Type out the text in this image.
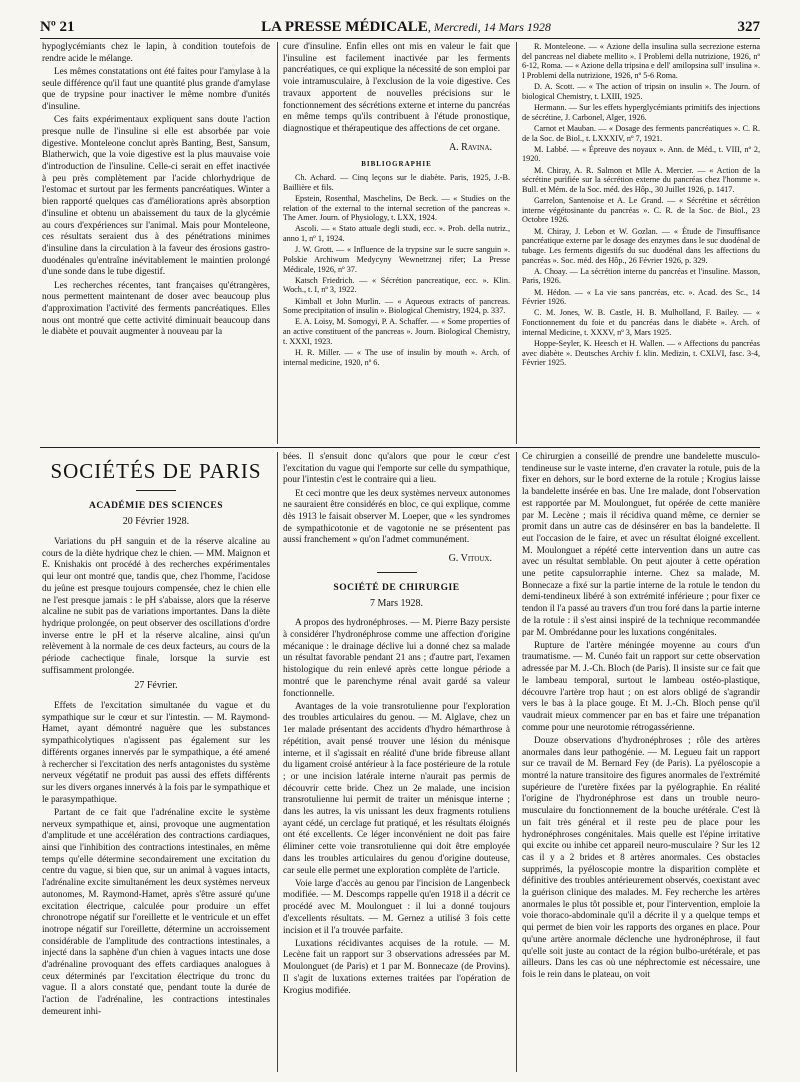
Nº 21	LA PRESSE MÉDICALE, Mercredi, 14 Mars 1928	327

hypoglycémiants chez le lapin, à condition toutefois de rendre acide le mélange.

Les mêmes constatations ont été faites pour l'amylase à la seule différence qu'il faut une quantité plus grande d'amylase que de trypsine pour inactiver le même nombre d'unités d'insuline.

Ces faits expérimentaux expliquent sans doute l'action presque nulle de l'insuline si elle est absorbée par voie digestive. Monteleone conclut après Banting, Best, Sansum, Blatherwich, que la voie digestive est la plus mauvaise voie d'introduction de l'insuline. Celle-ci serait en effet inactivée à peu près complètement par l'acide chlorhydrique de l'estomac et surtout par les ferments pancréatiques. Winter a bien rapporté quelques cas d'améliorations après absorption d'insuline et obtenu un abaissement du taux de la glycémie au cours d'expériences sur l'animal. Mais pour Monteleone, ces résultats seraient dus à des pénétrations minimes d'insuline dans la circulation à la faveur des érosions gastro-duodénales qu'entraîne inévitablement le maintien prolongé d'une sonde dans le tube digestif.

Les recherches récentes, tant françaises qu'étrangères, nous permettent maintenant de doser avec beaucoup plus d'approximation l'activité des ferments pancréatiques. Elles nous ont montré que cette activité diminuait beaucoup dans le diabète et pouvait augmenter à nouveau par la

cure d'insuline. Enfin elles ont mis en valeur le fait que l'insuline est facilement inactivée par les ferments pancréatiques, ce qui explique la nécessité de son emploi par voie intramusculaire, à l'exclusion de la voie digestive. Ces travaux apportent de nouvelles précisions sur le fonctionnement des sécrétions externe et interne du pancréas en même temps qu'ils contribuent à l'étude pronostique, diagnostique et thérapeutique des affections de cet organe.

A. Ravina.
BIBLIOGRAPHIE

Ch. Achard. — Cinq leçons sur le diabète. Paris, 1925, J.-B. Baillière et fils.

Epstein, Rosenthal, Maschelins, De Beck. — « Studies on the relation of the external to the internal secretion of the pancreas ». The Amer. Journ. of Physiology, t. LXX, 1924.

Ascoli. — « Stato attuale degli studi, ecc. ». Prob. della nutriz., anno 1, nº 1, 1924.

J. W. Grott. — « Influence de la trypsine sur le sucre sanguin ». Polskie Archiwum Medycyny Wewnetrznej rifer; La Presse Médicale, 1926, nº 37.

Katsch Friedrich. — « Sécrétion pancreatique, ecc. ». Klin. Woch., t. I, nº 3, 1922.

Kimball et John Murlin. — « Aqueous extracts of pancreas. Some precipitation of insulin ». Biological Chemistry, 1924, p. 337.

E. A. Loisy, M. Somogyi, P. A. Schaffer. — « Some properties of an active constituent of the pancreas ». Journ. Biological Chemistry, t. XXXI, 1923.

H. R. Miller. — « The use of insulin by mouth ». Arch. of internal medicine, 1920, nº 6.

R. Monteleone. — « Azione della insulina sulla secrezione esterna del pancreas nel diabete mellito ». I Problemi della nutrizione, 1926, nº 6-12, Roma. — « Azione della tripsina e dell' amilopsina sull' insulina ». I Problemi della nutrizione, 1926, nº 5-6 Roma.

D. A. Scott. — « The action of tripsin on insulin ». The Journ. of biological Chemistry, t. LXIII, 1925.

Hermann. — Sur les effets hyperglycémiants primitifs des injections de sécrétine, J. Carbonel, Alger, 1926.

Carnot et Mauban. — « Dosage des ferments pancréatiques ». C. R. de la Soc. de Biol., t. LXXXIV, nº 7, 1921.

M. Labbé. — « Épreuve des noyaux ». Ann. de Méd., t. VIII, nº 2, 1920.

M. Chiray, A. R. Salmon et Mlle A. Mercier. — « Action de la sécrétine purifiée sur la sécrétion externe du pancréas chez l'homme ». Bull. et Mém. de la Soc. méd. des Hôp., 30 Juillet 1926, p. 1417.

Garrelon, Santenoise et A. Le Grand. — « Sécrétine et sécrétion interne végétosinante du pancréas ». C. R. de la Soc. de Biol., 23 Octobre 1926.

M. Chiray, J. Lebon et W. Gozlan. — « Étude de l'insuffisance pancréatique externe par le dosage des enzymes dans le suc duodénal de tubage. Les ferments digestifs du suc duodénal dans les affections du pancréas ». Soc. méd. des Hôp., 26 Février 1926, p. 329.

A. Choay. — La sécrétion interne du pancréas et l'insuline. Masson, Paris, 1926.

M. Hédon. — « La vie sans pancréas, etc. ». Acad. des Sc., 14 Février 1926.

C. M. Jones, W. B. Castle, H. B. Mulholland, F. Bailey. — « Fonctionnement du foie et du pancréas dans le diabète ». Arch. of internal Medicine, t. XXXV, nº 3, Mars 1925.

Hoppe-Seyler, K. Heesch et H. Wallen. — « Affections du pancréas avec diabète ». Deutsches Archiv f. klin. Medizin, t. CXLVI, fasc. 3-4, Février 1925.

SOCIÉTÉS DE PARIS
ACADÉMIE DES SCIENCES
20 Février 1928.

Variations du pH sanguin et de la réserve alcaline au cours de la diète hydrique chez le chien. — MM. Maignon et E. Knishakis ont procédé à des recherches expérimentales qui leur ont montré que, tandis que, chez l'homme, l'acidose du jeûne est presque toujours compensée, chez le chien elle ne l'est presque jamais : le pH s'abaisse, alors que la réserve alcaline ne subit pas de variations importantes. Dans la diète hydrique prolongée, on peut observer des oscillations d'ordre inverse entre le pH et la réserve alcaline, ainsi qu'un relèvement à la normale de ces deux facteurs, au cours de la période cachectique finale, lorsque la survie est suffisamment prolongée.

27 Février.

Effets de l'excitation simultanée du vague et du sympathique sur le cœur et sur l'intestin. — M. Raymond-Hamet, ayant démontré naguère que les substances sympathicolytiques n'agissent pas également sur les différents organes innervés par le sympathique, a été amené à rechercher si l'excitation des nerfs antagonistes du système nerveux végétatif ne produit pas aussi des effets différents sur les divers organes innervés à la fois par le sympathique et le parasympathique.

Partant de ce fait que l'adrénaline excite le système nerveux sympathique et, ainsi, provoque une augmentation d'amplitude et une accélération des contractions cardiaques, ainsi que l'inhibition des contractions intestinales, en même temps qu'elle détermine secondairement une excitation du centre du vague, si bien que, sur un animal à vagues intacts, l'adrénaline excite simultanément les deux systèmes nerveux autonomes, M. Raymond-Hamet, après s'être assuré qu'une excitation électrique, calculée pour produire un effet chronotrope négatif sur l'oreillette et le ventricule et un effet inotrope négatif sur l'oreillette, détermine un accroissement considérable de l'amplitude des contractions intestinales, a injecté dans la saphène d'un chien à vagues intacts une dose d'adrénaline provoquant des effets cardiaques analogues à ceux déterminés par l'excitation électrique du tronc du vague. Il a alors constaté que, pendant toute la durée de l'action de l'adrénaline, les contractions intestinales demeurent inhi-

bées. Il s'ensuit donc qu'alors que pour le cœur c'est l'excitation du vague qui l'emporte sur celle du sympathique, pour l'intestin c'est le contraire qui a lieu.

Et ceci montre que les deux systèmes nerveux autonomes ne sauraient être considérés en bloc, ce qui explique, comme dès 1913 le faisait observer M. Loeper, que « les syndromes de sympathicotonie et de vagotonie ne se présentent pas aussi franchement » qu'on l'admet communément.

G. Vitoux.
SOCIÉTÉ DE CHIRURGIE
7 Mars 1928.

A propos des hydronéphroses. — M. Pierre Bazy persiste à considérer l'hydronéphrose comme une affection d'origine mécanique : le drainage déclive lui a donné chez sa malade un résultat favorable pendant 21 ans ; d'autre part, l'examen histologique du rein enlevé après cette longue période a montré que le parenchyme rénal avait gardé sa valeur fonctionnelle.

Avantages de la voie transrotulienne pour l'exploration des troubles articulaires du genou. — M. Alglave, chez un 1er malade présentant des accidents d'hydro hémarthrose à répétition, avait pensé trouver une lésion du ménisque interne, et il s'agissait en réalité d'une bride fibreuse allant du ligament croisé antérieur à la face postérieure de la rotule ; or une incision latérale interne n'aurait pas permis de découvrir cette bride. Chez un 2e malade, une incision transrotulienne lui permit de traiter un ménisque interne ; dans les autres, la vis unissant les deux fragments rotuliens ayant cédé, un cerclage fut pratiqué, et les résultats éloignés ont été excellents. Ce léger inconvénient ne doit pas faire éliminer cette voie transrotulienne qui doit être employée dans les troubles articulaires du genou d'origine douteuse, car seule elle permet une exploration complète de l'article.

Voie large d'accès au genou par l'incision de Langenbeck modifiée. — M. Descomps rappelle qu'en 1918 il a décrit ce procédé avec M. Moulonguet : il lui a donné toujours d'excellents résultats. — M. Gernez a utilisé 3 fois cette incision et il l'a trouvée parfaite.

Luxations récidivantes acquises de la rotule. — M. Lecène fait un rapport sur 3 observations adressées par M. Moulonguet (de Paris) et 1 par M. Bonnecaze (de Provins). Il s'agit de luxations externes traitées par l'opération de Krogius modifiée.

Ce chirurgien a conseillé de prendre une bandelette musculo-tendineuse sur le vaste interne, d'en cravater la rotule, puis de la fixer en dehors, sur le bord externe de la rotule ; Krogius laisse la bandelette insérée en bas. Une 1re malade, dont l'observation est rapportée par M. Moulonguet, fut opérée de cette manière par M. Lecène ; mais il récidiva quand même, ce dernier se promit dans un autre cas de désinsérer en bas la bandelette. Il eut l'occasion de le faire, et avec un résultat éloigné excellent. M. Moulonguet a répété cette intervention dans un autre cas avec un résultat semblable. On peut ajouter à cette opération une petite capsulorraphie interne. Chez sa malade, M. Bonnecaze a fixé sur la partie interne de la rotule le tendon du demi-tendineux libéré à son extrémité inférieure ; pour fixer ce tendon il l'a passé au travers d'un trou foré dans la partie interne de la rotule : il s'est ainsi inspiré de la technique recommandée par M. Ombrédanne pour les luxations congénitales.

Rupture de l'artère méningée moyenne au cours d'un traumatisme. — M. Cunéo fait un rapport sur cette observation adressée par M. J.-Ch. Bloch (de Paris). Il insiste sur ce fait que le lambeau temporal, surtout le lambeau ostéo-plastique, découvre l'artère trop haut ; on est alors obligé de s'agrandir vers le bas à la place gouge. Et M. J.-Ch. Bloch pense qu'il vaudrait mieux commencer par en bas et faire une trépanation comme pour une neurotomie rétrogassérienne.

Douze observations d'hydronéphroses ; rôle des artères anormales dans leur pathogénie. — M. Legueu fait un rapport sur ce travail de M. Bernard Fey (de Paris). La pyéloscopie a montré la nature transitoire des figures anormales de l'extrémité supérieure de l'uretère fixées par la pyélographie. En réalité l'origine de l'hydronéphrose est dans un trouble neuro-musculaire du fonctionnement de la bouche urétérale. C'est là un fait très général et il reste peu de place pour les hydronéphroses congénitales. Mais quelle est l'épine irritative qui excite ou inhibe cet appareil neuro-musculaire ? Sur les 12 cas il y a 2 brides et 8 artères anormales. Ces obstacles supprimés, la pyéloscopie montre la disparition complète et définitive des troubles antérieurement observés, coexistant avec la guérison clinique des malades. M. Fey recherche les artères anormales le plus tôt possible et, pour l'intervention, emploie la voie thoraco-abdominale qu'il a décrite il y a quelque temps et qui permet de bien voir les rapports des organes en place. Pour qu'une artère anormale déclenche une hydronéphrose, il faut qu'elle soit juste au contact de la région bulbo-urétérale, et pas ailleurs. Dans les cas où une néphrectomie est nécessaire, une fois le rein dans le plateau, on voit
